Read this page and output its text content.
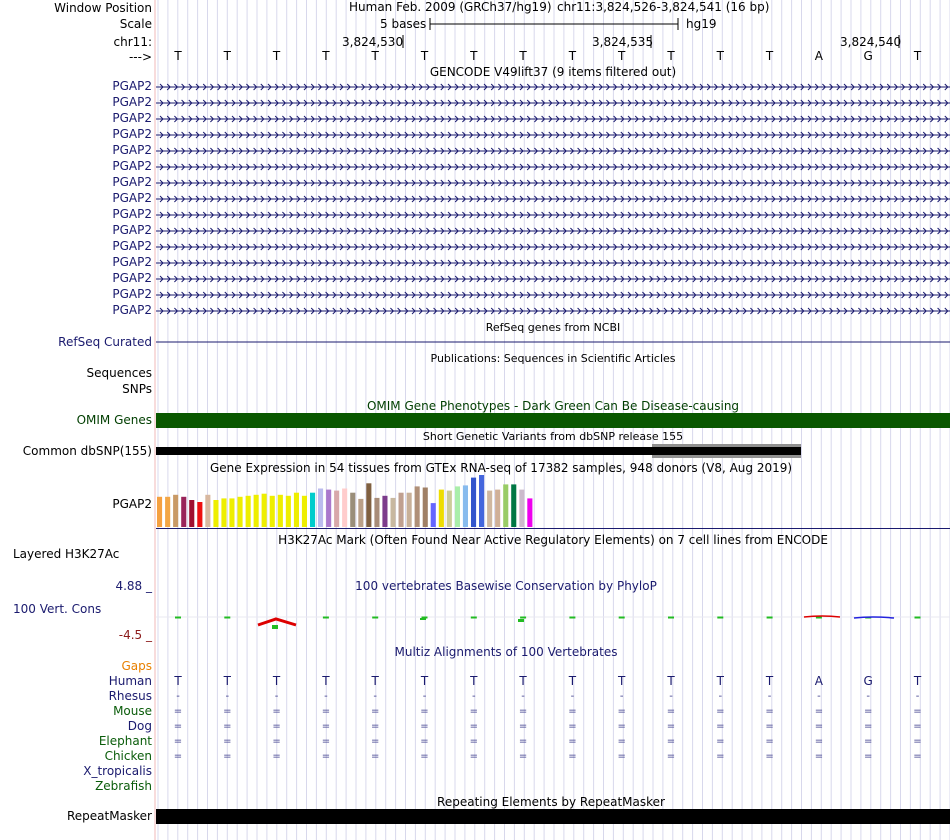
Window Position
Scale
chr11:
--->
Human Feb. 2009 (GRCh37/hg19) chr11:3,824,526-3,824,541 (16 bp)
5 bases	hg19
3,824,530	3,824,535	3,824,540
T	T	T	T	T	T	T	T	T	T	T	T	T	A	G	T
GENCODE V49lift37 (9 items filtered out)
PGAP2
PGAP2
PGAP2
PGAP2
PGAP2
PGAP2
PGAP2
PGAP2
PGAP2
PGAP2
PGAP2
PGAP2
PGAP2
PGAP2
PGAP2
RefSeq genes from NCBI
RefSeq Curated
Publications: Sequences in Scientific Articles
Sequences
SNPs
OMIM Gene Phenotypes - Dark Green Can Be Disease-causing
OMIM Genes
Short Genetic Variants from dbSNP release 155
Common dbSNP(155)
Gene Expression in 54 tissues from GTEx RNA-seq of 17382 samples, 948 donors (V8, Aug 2019)
PGAP2
H3K27Ac Mark (Often Found Near Active Regulatory Elements) on 7 cell lines from ENCODE
Layered H3K27Ac
100 vertebrates Basewise Conservation by PhyloP
4.88 _
100 Vert. Cons
-4.5 _
Multiz Alignments of 100 Vertebrates
Gaps
Human	T	T	T	T	T	T	T	T	T	T	T	T	T	A	G	T
Rhesus	-	-	-	-	-	-	-	-	-	-	-	-	-	-	-	-
Mouse	=	=	=	=	=	=	=	=	=	=	=	=	=	=	=	=
Dog	=	=	=	=	=	=	=	=	=	=	=	=	=	=	=	=
Elephant	=	=	=	=	=	=	=	=	=	=	=	=	=	=	=	=
Chicken	=	=	=	=	=	=	=	=	=	=	=	=	=	=	=	=
X_tropicalis
Zebrafish
Repeating Elements by RepeatMasker
RepeatMasker
